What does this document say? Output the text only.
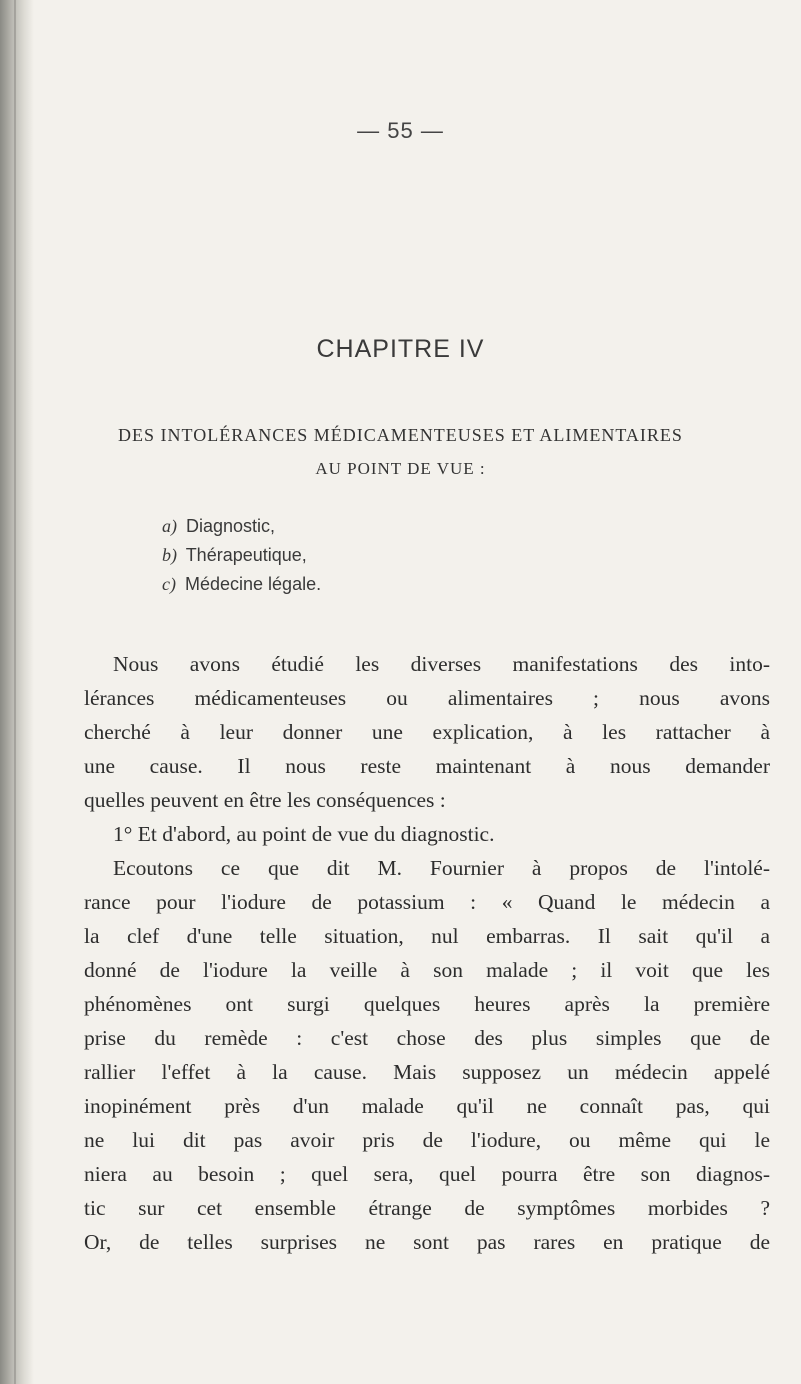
— 55 —
CHAPITRE IV
DES INTOLÉRANCES MÉDICAMENTEUSES ET ALIMENTAIRES
AU POINT DE VUE :
a) Diagnostic,
b) Thérapeutique,
c) Médecine légale.
Nous avons étudié les diverses manifestations des into-
lérances médicamenteuses ou alimentaires ; nous avons
cherché à leur donner une explication, à les rattacher à
une cause. Il nous reste maintenant à nous demander
quelles peuvent en être les conséquences :
1° Et d'abord, au point de vue du diagnostic.
Ecoutons ce que dit M. Fournier à propos de l'intolé-
rance pour l'iodure de potassium : « Quand le médecin a
la clef d'une telle situation, nul embarras. Il sait qu'il a
donné de l'iodure la veille à son malade ; il voit que les
phénomènes ont surgi quelques heures après la première
prise du remède : c'est chose des plus simples que de
rallier l'effet à la cause. Mais supposez un médecin appelé
inopinément près d'un malade qu'il ne connaît pas, qui
ne lui dit pas avoir pris de l'iodure, ou même qui le
niera au besoin ; quel sera, quel pourra être son diagnos-
tic sur cet ensemble étrange de symptômes morbides ?
Or, de telles surprises ne sont pas rares en pratique de
